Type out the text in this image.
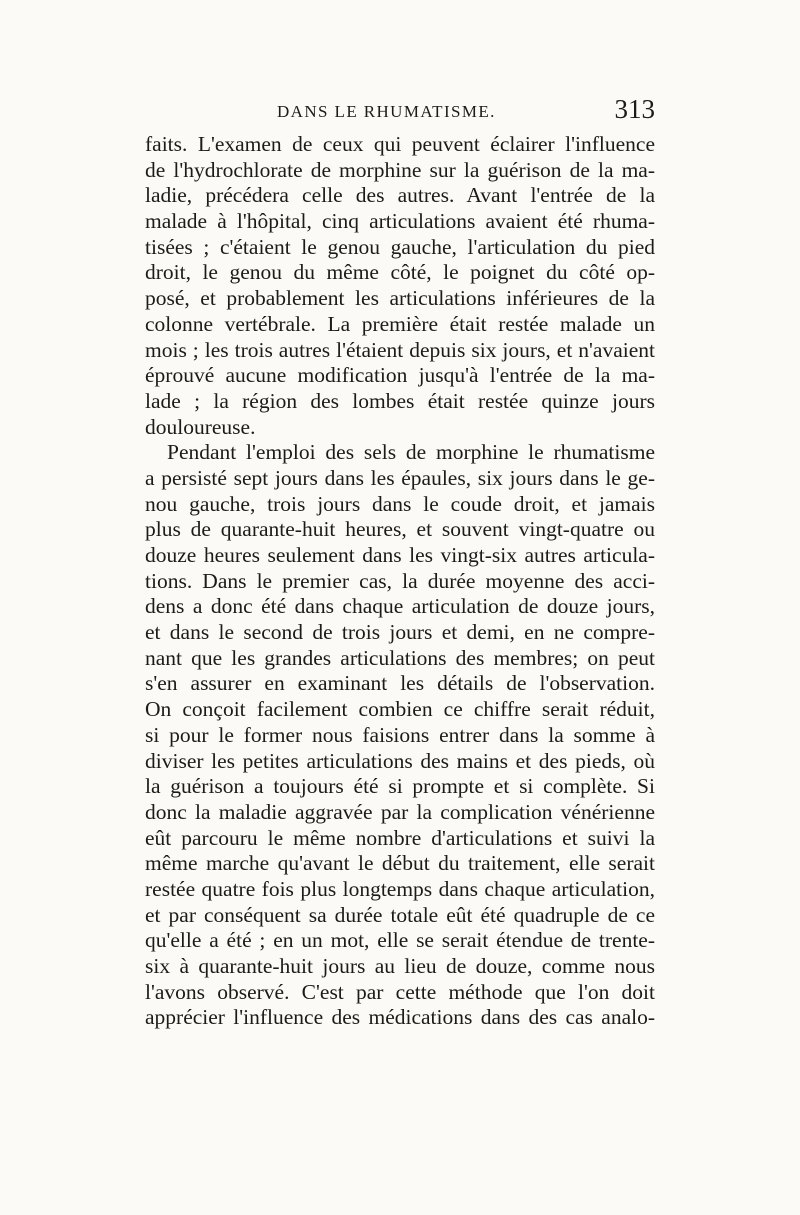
DANS LE RHUMATISME.	313
faits. L'examen de ceux qui peuvent éclairer l'influence
de l'hydrochlorate de morphine sur la guérison de la ma-
ladie, précédera celle des autres. Avant l'entrée de la
malade à l'hôpital, cinq articulations avaient été rhuma-
tisées ; c'étaient le genou gauche, l'articulation du pied
droit, le genou du même côté, le poignet du côté op-
posé, et probablement les articulations inférieures de la
colonne vertébrale. La première était restée malade un
mois ; les trois autres l'étaient depuis six jours, et n'avaient
éprouvé aucune modification jusqu'à l'entrée de la ma-
lade ; la région des lombes était restée quinze jours
douloureuse.
Pendant l'emploi des sels de morphine le rhumatisme
a persisté sept jours dans les épaules, six jours dans le ge-
nou gauche, trois jours dans le coude droit, et jamais
plus de quarante-huit heures, et souvent vingt-quatre ou
douze heures seulement dans les vingt-six autres articula-
tions. Dans le premier cas, la durée moyenne des acci-
dens a donc été dans chaque articulation de douze jours,
et dans le second de trois jours et demi, en ne compre-
nant que les grandes articulations des membres; on peut
s'en assurer en examinant les détails de l'observation.
On conçoit facilement combien ce chiffre serait réduit,
si pour le former nous faisions entrer dans la somme à
diviser les petites articulations des mains et des pieds, où
la guérison a toujours été si prompte et si complète. Si
donc la maladie aggravée par la complication vénérienne
eût parcouru le même nombre d'articulations et suivi la
même marche qu'avant le début du traitement, elle serait
restée quatre fois plus longtemps dans chaque articulation,
et par conséquent sa durée totale eût été quadruple de ce
qu'elle a été ; en un mot, elle se serait étendue de trente-
six à quarante-huit jours au lieu de douze, comme nous
l'avons observé. C'est par cette méthode que l'on doit
apprécier l'influence des médications dans des cas analo-
